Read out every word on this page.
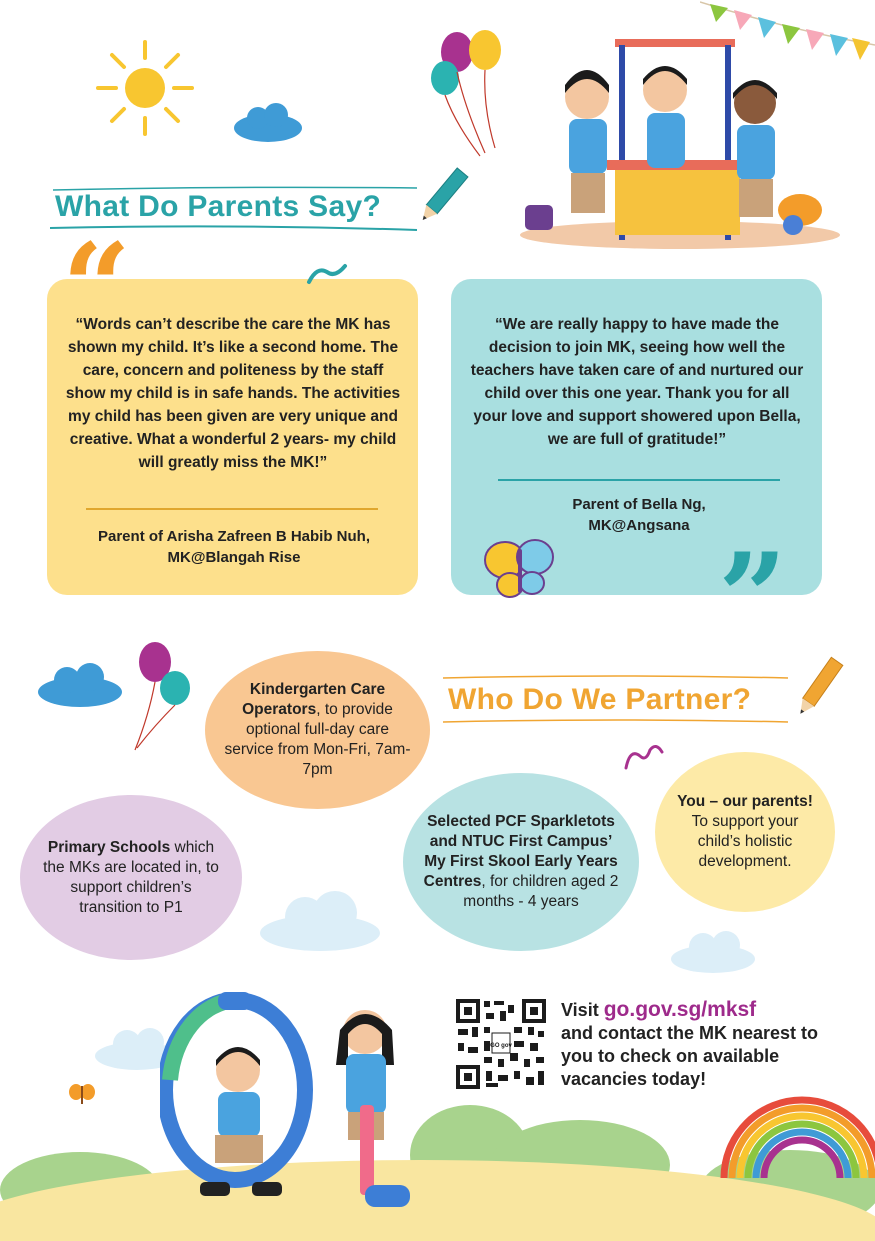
What Do Parents Say?
“
“Words can’t describe the care the MK has shown my child. It’s like a second home. The care, concern and politeness by the staff show my child is in safe hands. The activities my child has been given are very unique and creative. What a wonderful 2 years- my child will greatly miss the MK!”
Parent of Arisha Zafreen B Habib Nuh,
MK@Blangah Rise
“We are really happy to have made the decision to join MK, seeing how well the teachers have taken care of and nurtured our child over this one year. Thank you for all your love and support showered upon Bella, we are full of gratitude!”
Parent of Bella Ng,
MK@Angsana
”
Who Do We Partner?
Kindergarten Care Operators, to provide optional full-day care service from Mon-Fri, 7am-7pm
Primary Schools which the MKs are located in, to support children’s transition to P1
Selected PCF Sparkletots and NTUC First Campus’ My First Skool Early Years Centres, for children aged 2 months - 4 years
You – our parents! To support your child’s holistic development.
GO gov
Visit go.gov.sg/mksf
and contact the MK nearest to you to check on available vacancies today!
